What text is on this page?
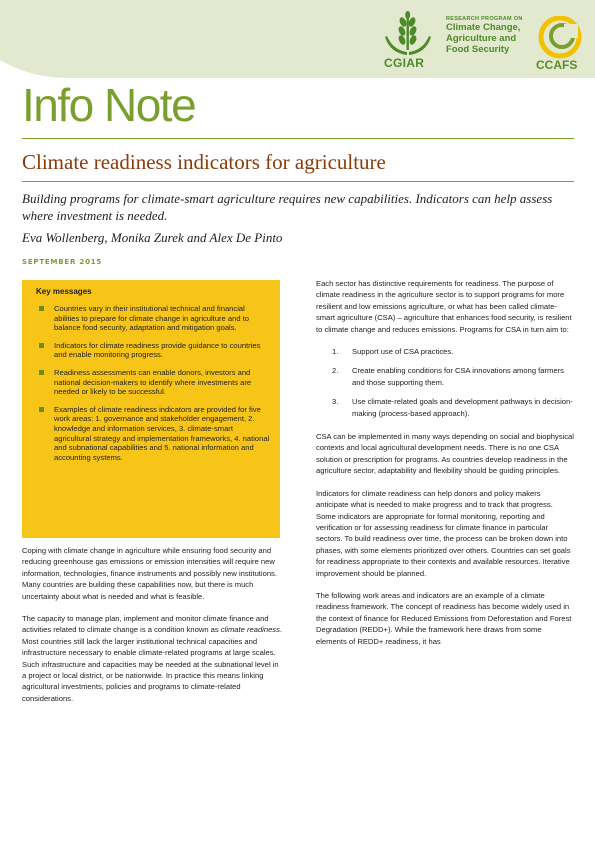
CGIAR
RESEARCH PROGRAM ON
Climate Change,
Agriculture and
Food Security
CCAFS
Info Note
Climate readiness indicators for agriculture
Building programs for climate-smart agriculture requires new capabilities. Indicators can help assess where investment is needed.
Eva Wollenberg, Monika Zurek and Alex De Pinto
SEPTEMBER 2015
Key messages
Countries vary in their institutional technical and financial abilities to prepare for climate change in agriculture and to balance food security, adaptation and mitigation goals.
Indicators for climate readiness provide guidance to countries and enable monitoring progress.
Readiness assessments can enable donors, investors and national decision-makers to identify where investments are needed or likely to be successful.
Examples of climate readiness indicators are provided for five work areas: 1. governance and stakeholder engagement, 2. knowledge and information services, 3. climate-smart agricultural strategy and implementation frameworks, 4. national and subnational capabilities and 5. national information and accounting systems.

Coping with climate change in agriculture while ensuring food security and reducing greenhouse gas emissions or emission intensities will require new information, technologies, finance instruments and possibly new institutions. Many countries are building these capabilities now, but there is much uncertainty about what is needed and what is feasible.

The capacity to manage plan, implement and monitor climate finance and activities related to climate change is a condition known as climate readiness. Most countries still lack the larger institutional technical capacities and infrastructure necessary to enable climate-related programs at large scales. Such infrastructure and capacities may be needed at the subnational level in a project or local district, or be nationwide. In practice this means linking agricultural investments, policies and programs to climate-related considerations.

Each sector has distinctive requirements for readiness. The purpose of climate readiness in the agriculture sector is to support programs for more resilient and low emissions agriculture, or what has been called climate-smart agriculture (CSA) – agriculture that enhances food security, is resilient to climate change and reduces emissions. Programs for CSA in turn aim to:

1. Support use of CSA practices.
2. Create enabling conditions for CSA innovations among farmers and those supporting them.
3. Use climate-related goals and development pathways in decision-making (process-based approach).

CSA can be implemented in many ways depending on social and biophysical contexts and local agricultural development needs. There is no one CSA solution or prescription for programs. As countries develop readiness in the agriculture sector, adaptability and flexibility should be guiding principles.

Indicators for climate readiness can help donors and policy makers anticipate what is needed to make progress and to track that progress. Some indicators are appropriate for formal monitoring, reporting and verification or for assessing readiness for climate finance in particular sectors. To build readiness over time, the process can be broken down into phases, with some elements prioritized over others. Countries can set goals for readiness appropriate to their contexts and available resources. Iterative improvement should be planned.

The following work areas and indicators are an example of a climate readiness framework. The concept of readiness has become widely used in the context of finance for Reduced Emissions from Deforestation and Forest Degradation (REDD+). While the framework here draws from some elements of REDD+ readiness, it has
